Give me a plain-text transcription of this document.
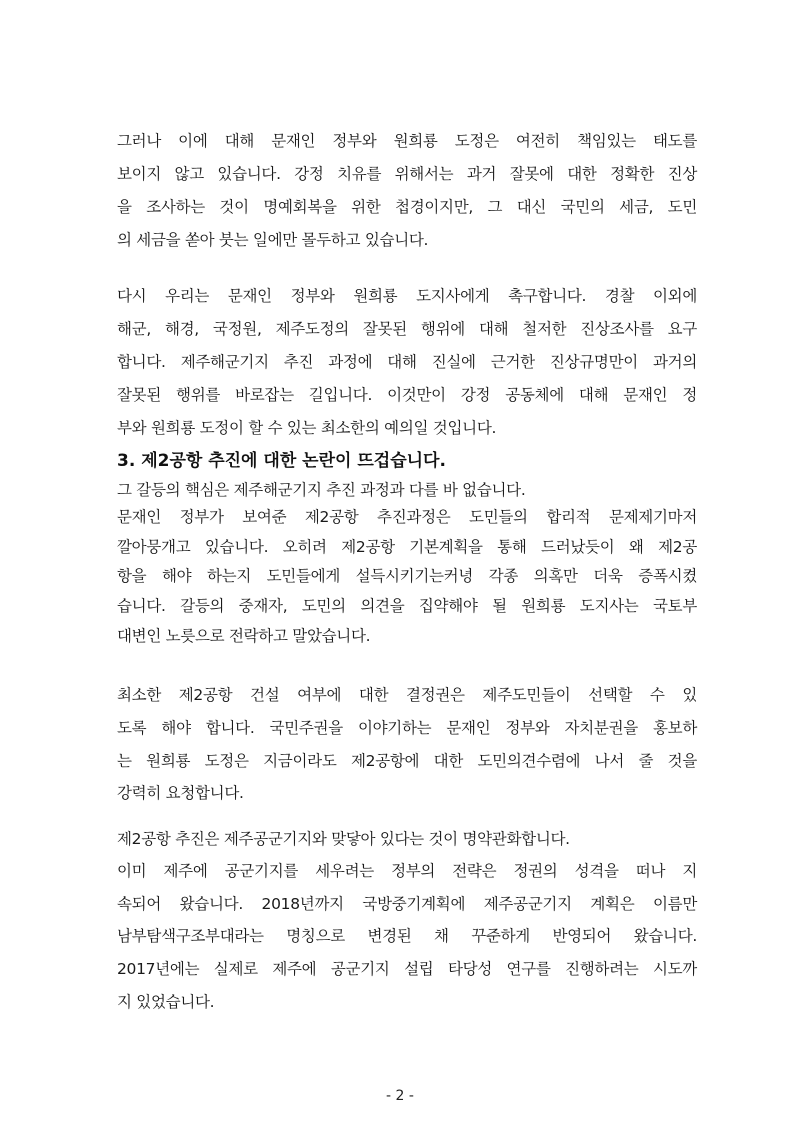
그러나 이에 대해 문재인 정부와 원희룡 도정은 여전히 책임있는 태도를
보이지 않고 있습니다. 강정 치유를 위해서는 과거 잘못에 대한 정확한 진상
을 조사하는 것이 명예회복을 위한 첩경이지만, 그 대신 국민의 세금, 도민
의 세금을 쏟아 붓는 일에만 몰두하고 있습니다.
다시 우리는 문재인 정부와 원희룡 도지사에게 촉구합니다. 경찰 이외에
해군, 해경, 국정원, 제주도정의 잘못된 행위에 대해 철저한 진상조사를 요구
합니다. 제주해군기지 추진 과정에 대해 진실에 근거한 진상규명만이 과거의
잘못된 행위를 바로잡는 길입니다. 이것만이 강정 공동체에 대해 문재인 정
부와 원희룡 도정이 할 수 있는 최소한의 예의일 것입니다.
3. 제2공항 추진에 대한 논란이 뜨겁습니다.
그 갈등의 핵심은 제주해군기지 추진 과정과 다를 바 없습니다.
문재인 정부가 보여준 제2공항 추진과정은 도민들의 합리적 문제제기마저
깔아뭉개고 있습니다. 오히려 제2공항 기본계획을 통해 드러났듯이 왜 제2공
항을 해야 하는지 도민들에게 설득시키기는커녕 각종 의혹만 더욱 증폭시켰
습니다. 갈등의 중재자, 도민의 의견을 집약해야 될 원희룡 도지사는 국토부
대변인 노릇으로 전락하고 말았습니다.
최소한 제2공항 건설 여부에 대한 결정권은 제주도민들이 선택할 수 있
도록 해야 합니다. 국민주권을 이야기하는 문재인 정부와 자치분권을 홍보하
는 원희룡 도정은 지금이라도 제2공항에 대한 도민의견수렴에 나서 줄 것을
강력히 요청합니다.
제2공항 추진은 제주공군기지와 맞닿아 있다는 것이 명약관화합니다.
이미 제주에 공군기지를 세우려는 정부의 전략은 정권의 성격을 떠나 지
속되어 왔습니다. 2018년까지 국방중기계획에 제주공군기지 계획은 이름만
남부탐색구조부대라는 명칭으로 변경된 채 꾸준하게 반영되어 왔습니다.
2017년에는 실제로 제주에 공군기지 설립 타당성 연구를 진행하려는 시도까
지 있었습니다.
- 2 -
